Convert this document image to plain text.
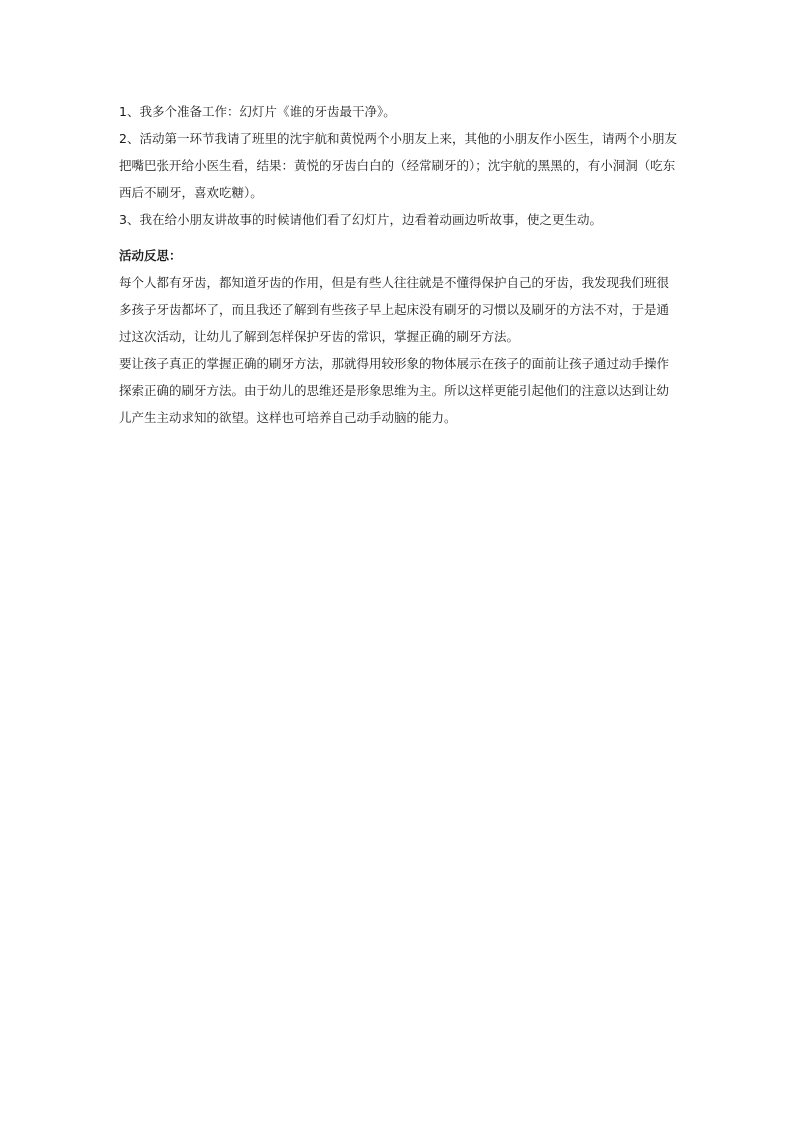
1、我多个准备工作：幻灯片《谁的牙齿最干净》。

2、活动第一环节我请了班里的沈宇航和黄悦两个小朋友上来，其他的小朋友作小医生，请两个小朋友把嘴巴张开给小医生看，结果：黄悦的牙齿白白的（经常刷牙的）；沈宇航的黑黑的，有小洞洞（吃东西后不刷牙，喜欢吃糖）。

3、我在给小朋友讲故事的时候请他们看了幻灯片，边看着动画边听故事，使之更生动。

活动反思：

每个人都有牙齿，都知道牙齿的作用，但是有些人往往就是不懂得保护自己的牙齿，我发现我们班很多孩子牙齿都坏了，而且我还了解到有些孩子早上起床没有刷牙的习惯以及刷牙的方法不对，于是通过这次活动，让幼儿了解到怎样保护牙齿的常识，掌握正确的刷牙方法。

要让孩子真正的掌握正确的刷牙方法，那就得用较形象的物体展示在孩子的面前让孩子通过动手操作探索正确的刷牙方法。由于幼儿的思维还是形象思维为主。所以这样更能引起他们的注意以达到让幼儿产生主动求知的欲望。这样也可培养自己动手动脑的能力。
